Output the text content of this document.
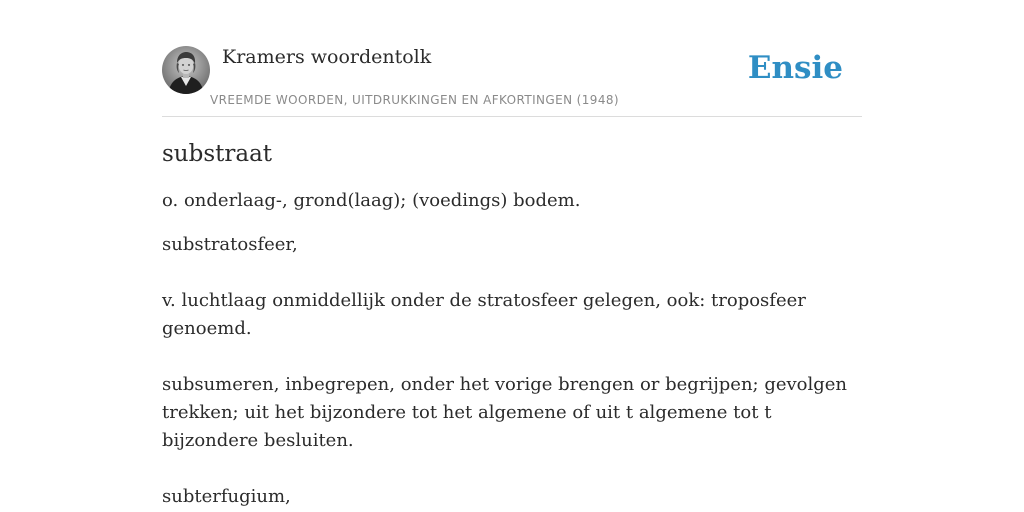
Kramers woordentolk
VREEMDE WOORDEN, UITDRUKKINGEN EN AFKORTINGEN (1948)
Ensie
substraat

o. onderlaag-, grond(laag); (voedings) bodem.

substratosfeer,
v. luchtlaag onmiddellijk onder de stratosfeer gelegen, ook: troposfeer genoemd.
subsumeren, inbegrepen, onder het vorige brengen or begrijpen; gevolgen trekken; uit het bijzondere tot het algemene of uit t algemene tot t bijzondere besluiten.
subterfugium,
